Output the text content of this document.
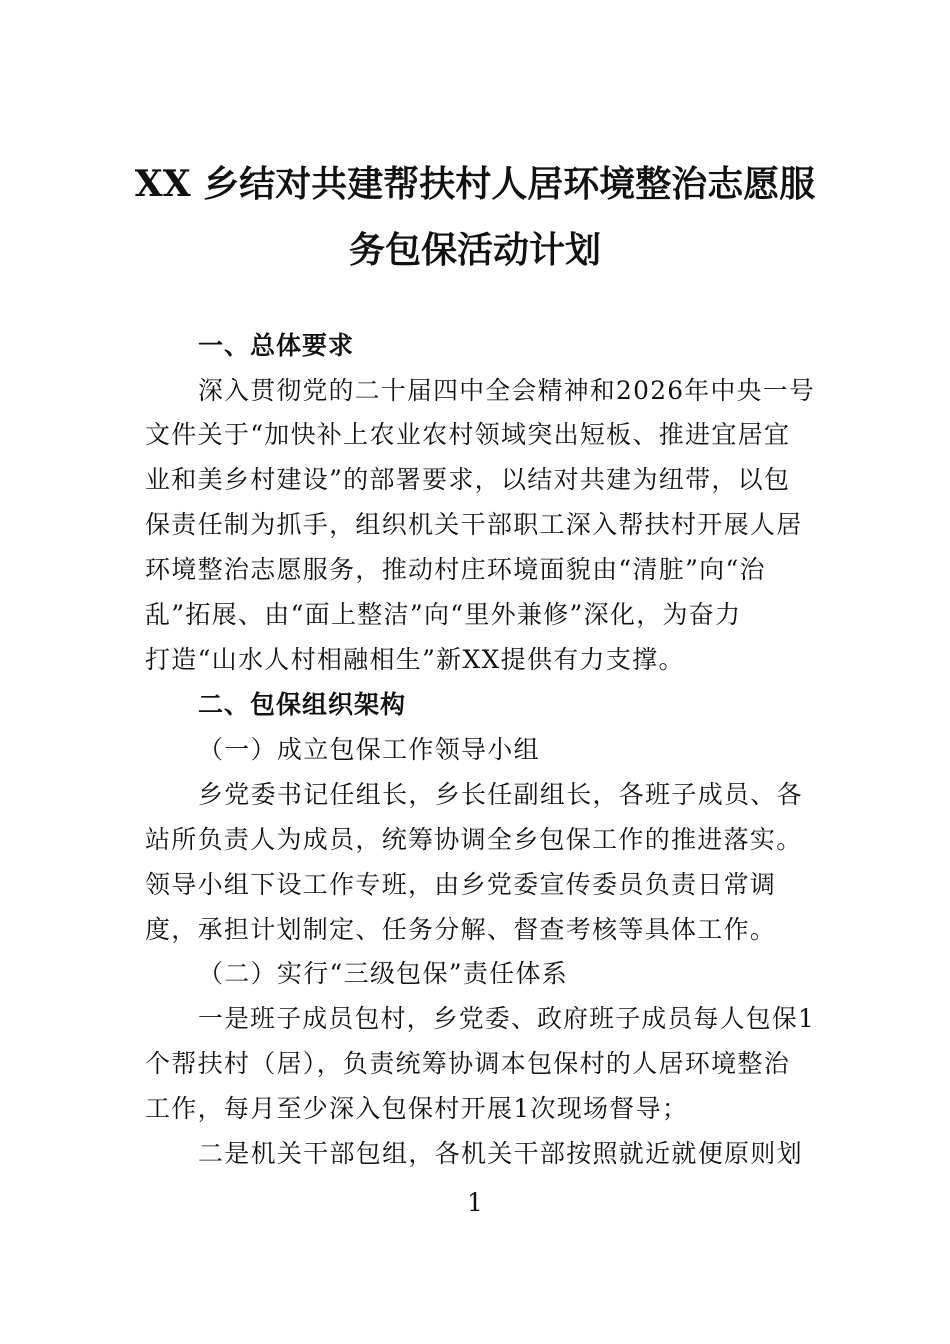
XX 乡结对共建帮扶村人居环境整治志愿服
务包保活动计划
一、总体要求
深入贯彻党的二十届四中全会精神和2026年中央一号
文件关于“加快补上农业农村领域突出短板、推进宜居宜
业和美乡村建设”的部署要求，以结对共建为纽带，以包
保责任制为抓手，组织机关干部职工深入帮扶村开展人居
环境整治志愿服务，推动村庄环境面貌由“清脏”向“治
乱”拓展、由“面上整洁”向“里外兼修”深化，为奋力
打造“山水人村相融相生”新XX提供有力支撑。
二、包保组织架构
（一）成立包保工作领导小组
乡党委书记任组长，乡长任副组长，各班子成员、各
站所负责人为成员，统筹协调全乡包保工作的推进落实。
领导小组下设工作专班，由乡党委宣传委员负责日常调
度，承担计划制定、任务分解、督查考核等具体工作。
（二）实行“三级包保”责任体系
一是班子成员包村，乡党委、政府班子成员每人包保1
个帮扶村（居），负责统筹协调本包保村的人居环境整治
工作，每月至少深入包保村开展1次现场督导；
二是机关干部包组，各机关干部按照就近就便原则划
1
